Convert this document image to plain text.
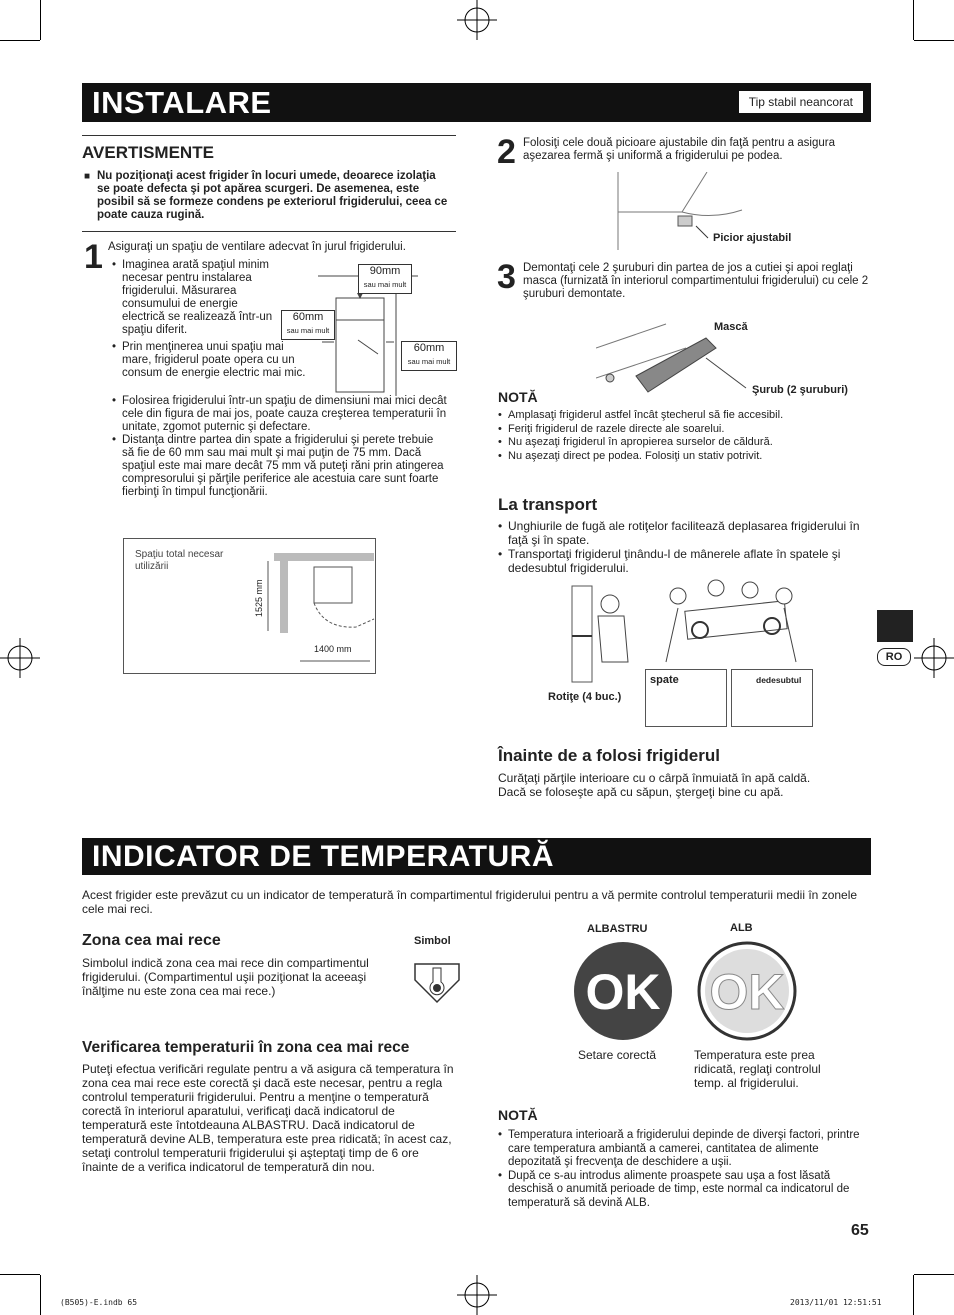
INSTALARE	Tip stabil neancorat
AVERTISMENTE
■ Nu poziţionaţi acest frigider în locuri umede, deoarece izolaţia se poate defecta şi pot apărea scurgeri. De asemenea, este posibil să se formeze condens pe exteriorul frigiderului, ceea ce poate cauza rugină.
1 Asiguraţi un spaţiu de ventilare adecvat în jurul frigiderului.
• Imaginea arată spaţiul minim necesar pentru instalarea frigiderului. Măsurarea consumului de energie electrică se realizează într-un spaţiu diferit.
• Prin menţinerea unui spaţiu mai mare, frigiderul poate opera cu un consum de energie electric mai mic.
• Folosirea frigiderului într-un spaţiu de dimensiuni mai mici decât cele din figura de mai jos, poate cauza creşterea temperaturii în unitate, zgomot puternic şi defectare.
• Distanţa dintre partea din spate a frigiderului şi perete trebuie să fie de 60 mm sau mai mult şi mai puţin de 75 mm. Dacă spaţiul este mai mare decât 75 mm vă puteţi răni prin atingerea compresorului şi părţile periferice ale acestuia care sunt foarte fierbinţi în timpul funcţionării.
90mm
sau mai mult
60mm
sau mai mult
60mm
sau mai mult
Spaţiu total necesar utilizării
1525 mm
1400 mm
2 Folosiţi cele două picioare ajustabile din faţă pentru a asigura aşezarea fermă şi uniformă a frigiderului pe podea.
Picior ajustabil
3 Demontaţi cele 2 şuruburi din partea de jos a cutiei şi apoi reglaţi masca (furnizată în interiorul compartimentului frigiderului) cu cele 2 şuruburi demontate.
Mască
Şurub (2 şuruburi)
NOTĂ
• Amplasaţi frigiderul astfel încât ştecherul să fie accesibil.
• Feriţi frigiderul de razele directe ale soarelui.
• Nu aşezaţi frigiderul în apropierea surselor de căldură.
• Nu aşezaţi direct pe podea. Folosiţi un stativ potrivit.
La transport
• Unghiurile de fugă ale rotiţelor facilitează deplasarea frigiderului în faţă şi în spate.
• Transportaţi frigiderul ţinându-l de mânerele aflate în spatele şi dedesubtul frigiderului.
Rotiţe (4 buc.)
spate	dedesubtul
Înainte de a folosi frigiderul
Curăţaţi părţile interioare cu o cârpă înmuiată în apă caldă.
Dacă se foloseşte apă cu săpun, ştergeţi bine cu apă.
INDICATOR DE TEMPERATURĂ
Acest frigider este prevăzut cu un indicator de temperatură în compartimentul frigiderului pentru a vă permite controlul temperaturii medii în zonele cele mai reci.
Zona cea mai rece
Simbolul indică zona cea mai rece din compartimentul frigiderului. (Compartimentul uşii poziţionat la aceeaşi înălţime nu este zona cea mai rece.)
Simbol
Verificarea temperaturii în zona cea mai rece
Puteţi efectua verificări regulate pentru a vă asigura că temperatura în zona cea mai rece este corectă şi dacă este necesar, pentru a regla controlul temperaturii frigiderului. Pentru a menţine o temperatură corectă în interiorul aparatului, verificaţi dacă indicatorul de temperatură este întotdeauna ALBASTRU. Dacă indicatorul de temperatură devine ALB, temperatura este prea ridicată; în acest caz, setaţi controlul temperaturii frigiderului şi aşteptaţi timp de 6 ore înainte de a verifica indicatorul de temperatură din nou.
ALBASTRU	ALB
OK OK
Setare corectă	Temperatura este prea ridicată, reglaţi controlul temp. al frigiderului.
NOTĂ
• Temperatura interioară a frigiderului depinde de diverşi factori, printre care temperatura ambiantă a camerei, cantitatea de alimente depozitată şi frecvenţa de deschidere a uşii.
• După ce s-au introdus alimente proaspete sau uşa a fost lăsată deschisă o anumită perioade de timp, este normal ca indicatorul de temperatură să devină ALB.
RO
65
(B505)-E.indb 65	2013/11/01 12:51:51
